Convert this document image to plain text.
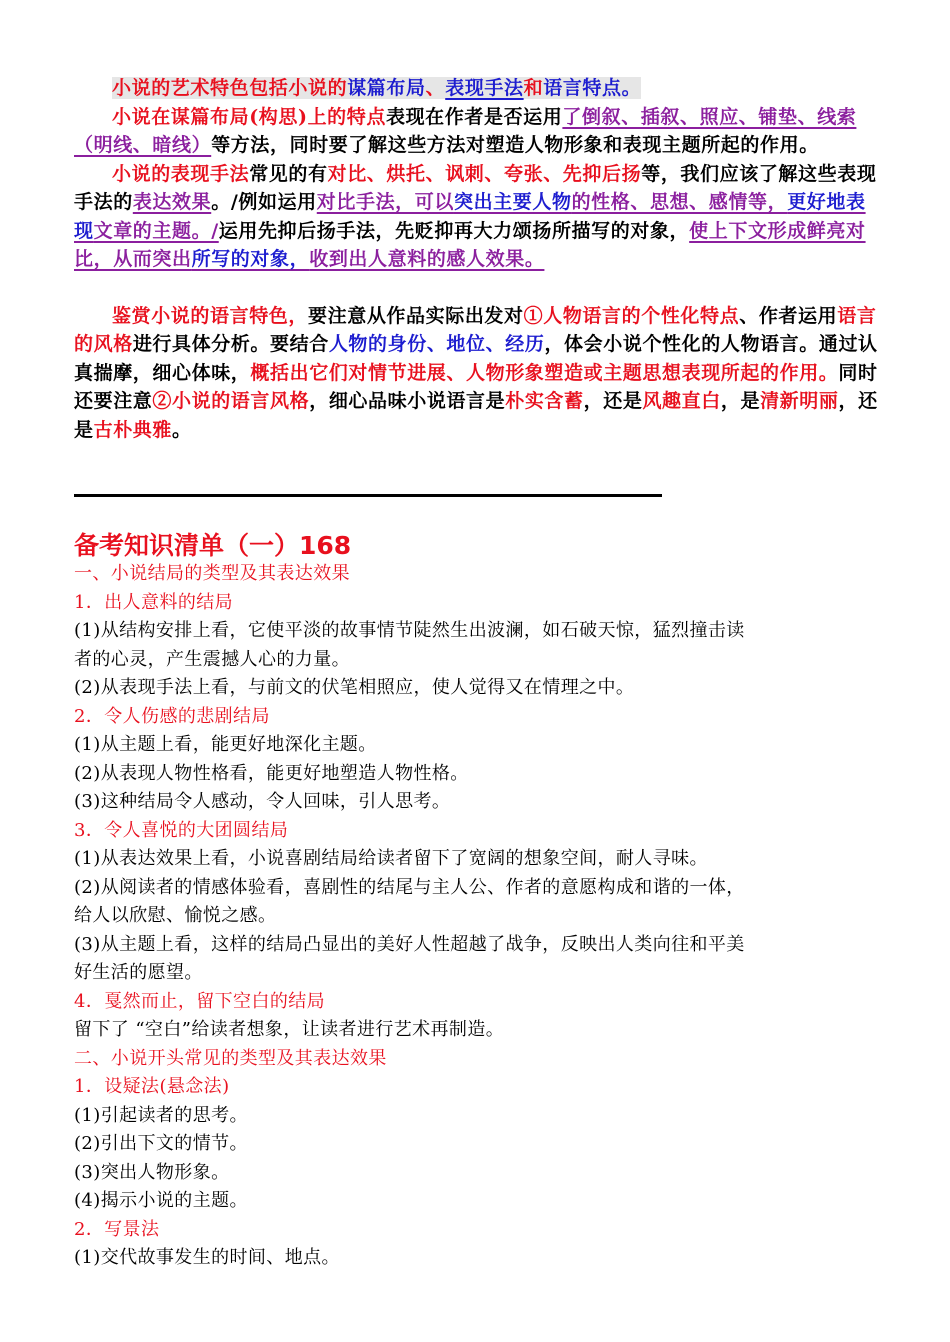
小说的艺术特色包括小说的谋篇布局、表现手法和语言特点。

小说在谋篇布局(构思)上的特点表现在作者是否运用了倒叙、插叙、照应、铺垫、线索（明线、暗线）等方法，同时要了解这些方法对塑造人物形象和表现主题所起的作用。

小说的表现手法常见的有对比、烘托、讽刺、夸张、先抑后扬等，我们应该了解这些表现手法的表达效果。/例如运用对比手法，可以突出主要人物的性格、思想、感情等，更好地表现文章的主题。/运用先抑后扬手法，先贬抑再大力颂扬所描写的对象，使上下文形成鲜亮对比，从而突出所写的对象，收到出人意料的感人效果。

鉴赏小说的语言特色，要注意从作品实际出发对①人物语言的个性化特点、作者运用语言的风格进行具体分析。要结合人物的身份、地位、经历，体会小说个性化的人物语言。通过认真揣摩，细心体味，概括出它们对情节进展、人物形象塑造或主题思想表现所起的作用。同时还要注意②小说的语言风格，细心品味小说语言是朴实含蓄，还是风趣直白，是清新明丽，还是古朴典雅。

备考知识清单（一）168
一、小说结局的类型及其表达效果
1．出人意料的结局
(1)从结构安排上看，它使平淡的故事情节陡然生出波澜，如石破天惊，猛烈撞击读
者的心灵，产生震撼人心的力量。
(2)从表现手法上看，与前文的伏笔相照应，使人觉得又在情理之中。
2．令人伤感的悲剧结局
(1)从主题上看，能更好地深化主题。
(2)从表现人物性格看，能更好地塑造人物性格。
(3)这种结局令人感动，令人回味，引人思考。
3．令人喜悦的大团圆结局
(1)从表达效果上看，小说喜剧结局给读者留下了宽阔的想象空间，耐人寻味。
(2)从阅读者的情感体验看，喜剧性的结尾与主人公、作者的意愿构成和谐的一体，
给人以欣慰、愉悦之感。
(3)从主题上看，这样的结局凸显出的美好人性超越了战争，反映出人类向往和平美
好生活的愿望。
4．戛然而止，留下空白的结局
留下了 “空白”给读者想象，让读者进行艺术再制造。
二、小说开头常见的类型及其表达效果
1．设疑法(悬念法)
(1)引起读者的思考。
(2)引出下文的情节。
(3)突出人物形象。
(4)揭示小说的主题。
2．写景法
(1)交代故事发生的时间、地点。
